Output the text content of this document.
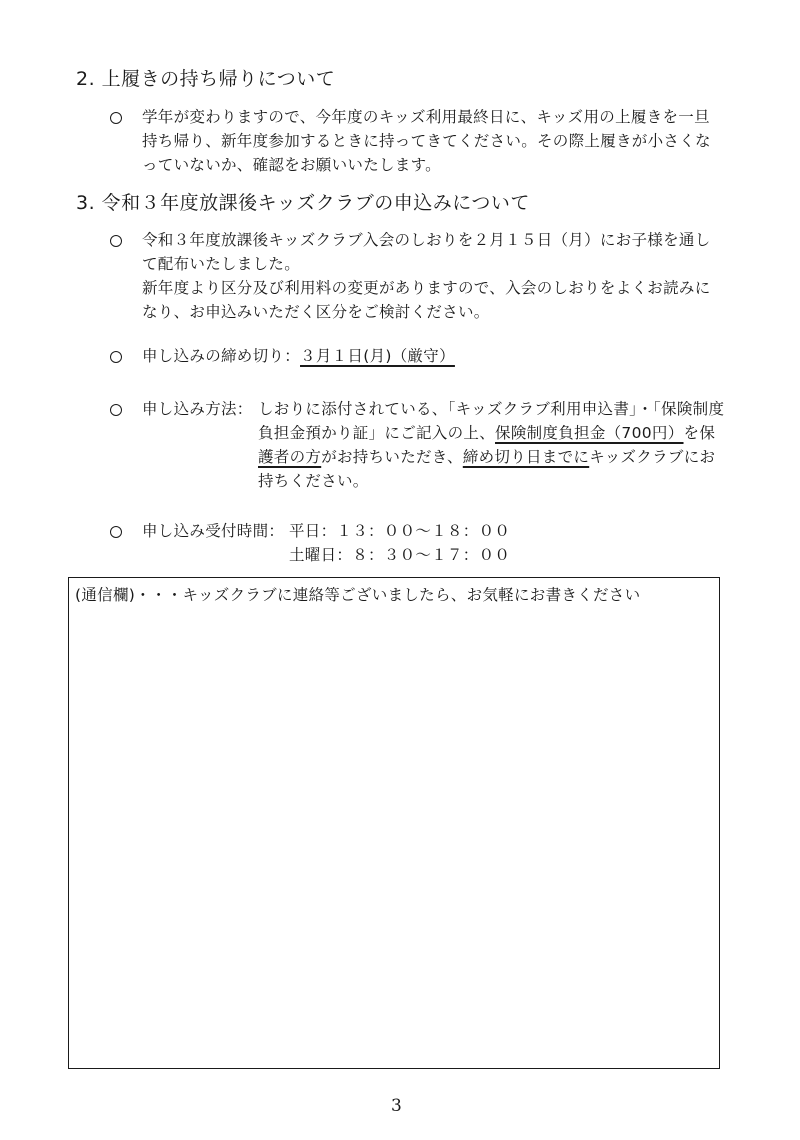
2. 上履きの持ち帰りについて
学年が変わりますので、今年度のキッズ利用最終日に、キッズ用の上履きを一旦
持ち帰り、新年度参加するときに持ってきてください。その際上履きが小さくな
っていないか、確認をお願いいたします。
3. 令和３年度放課後キッズクラブの申込みについて
令和３年度放課後キッズクラブ入会のしおりを２月１５日（月）にお子様を通し
て配布いたしました。
新年度より区分及び利用料の変更がありますので、入会のしおりをよくお読みに
なり、お申込みいただく区分をご検討ください。
申し込みの締め切り：３月１日(月)（厳守）
申し込み方法： しおりに添付されている、「キッズクラブ利用申込書」・「保険制度
負担金預かり証」にご記入の上、保険制度負担金（700円）を保
護者の方がお持ちいただき、締め切り日までにキッズクラブにお
持ちください。
申し込み受付時間： 平日：１３：００～１８：００
土曜日：８：３０～１７：００
(通信欄)・・・キッズクラブに連絡等ございましたら、お気軽にお書きください
3
